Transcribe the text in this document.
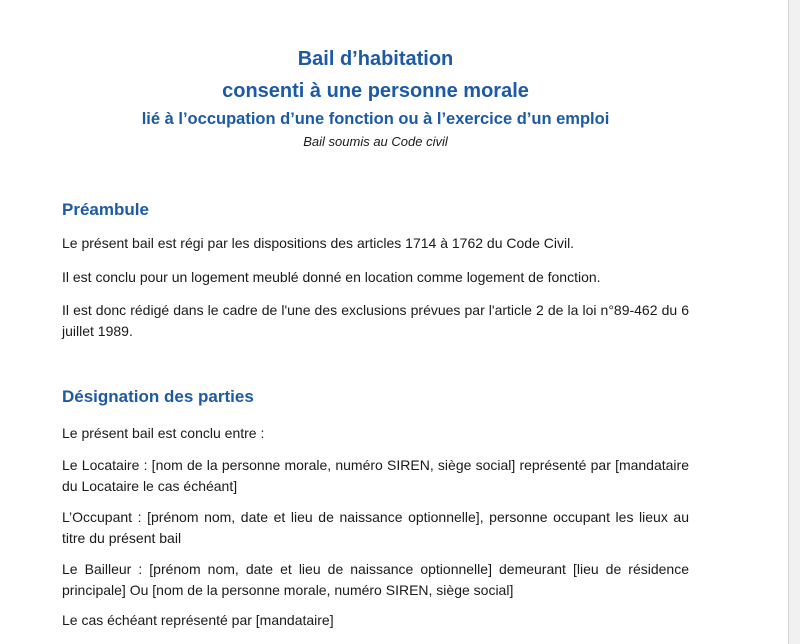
Bail d’habitation
consenti à une personne morale
lié à l’occupation d’une fonction ou à l’exercice d’un emploi
Bail soumis au Code civil
Préambule

Le présent bail est régi par les dispositions des articles 1714 à 1762 du Code Civil.

Il est conclu pour un logement meublé donné en location comme logement de fonction.

Il est donc rédigé dans le cadre de l'une des exclusions prévues par l'article 2 de la loi n°89-462 du 6 juillet 1989.

Désignation des parties

Le présent bail est conclu entre :

Le Locataire : [nom de la personne morale, numéro SIREN, siège social] représenté par [mandataire du Locataire le cas échéant]

L’Occupant : [prénom nom, date et lieu de naissance optionnelle], personne occupant les lieux au titre du présent bail

Le Bailleur : [prénom nom, date et lieu de naissance optionnelle] demeurant [lieu de résidence principale] Ou [nom de la personne morale, numéro SIREN, siège social]

Le cas échéant représenté par [mandataire]
